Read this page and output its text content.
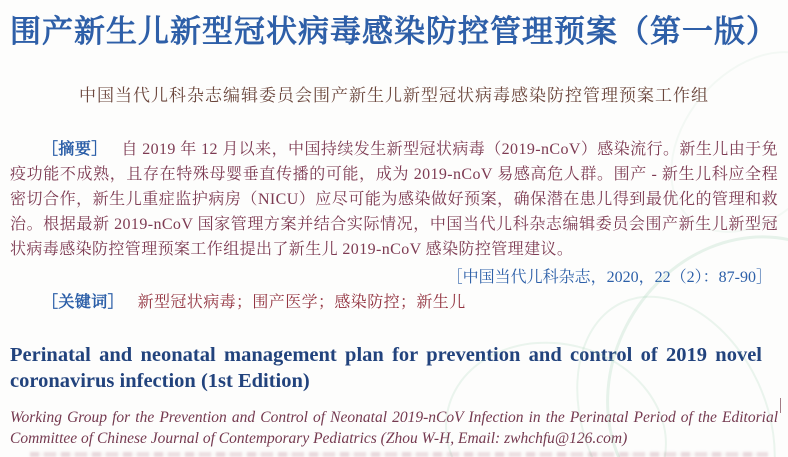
围产新生儿新型冠状病毒感染防控管理预案（第一版）
中国当代儿科杂志编辑委员会围产新生儿新型冠状病毒感染防控管理预案工作组

［摘要］ 自 2019 年 12 月以来，中国持续发生新型冠状病毒（2019-nCoV）感染流行。新生儿由于免疫功能不成熟，且存在特殊母婴垂直传播的可能，成为 2019-nCoV 易感高危人群。围产 - 新生儿科应全程密切合作，新生儿重症监护病房（NICU）应尽可能为感染做好预案，确保潜在患儿得到最优化的管理和救治。根据最新 2019-nCoV 国家管理方案并结合实际情况，中国当代儿科杂志编辑委员会围产新生儿新型冠状病毒感染防控管理预案工作组提出了新生儿 2019-nCoV 感染防控管理建议。

［中国当代儿科杂志，2020，22（2）：87-90］

［关键词］ 新型冠状病毒；围产医学；感染防控；新生儿

Perinatal and neonatal management plan for prevention and control of 2019 novel coronavirus infection (1st Edition)
Working Group for the Prevention and Control of Neonatal 2019-nCoV Infection in the Perinatal Period of the Editorial Committee of Chinese Journal of Contemporary Pediatrics (Zhou W-H, Email: zwhchfu@126.com)
